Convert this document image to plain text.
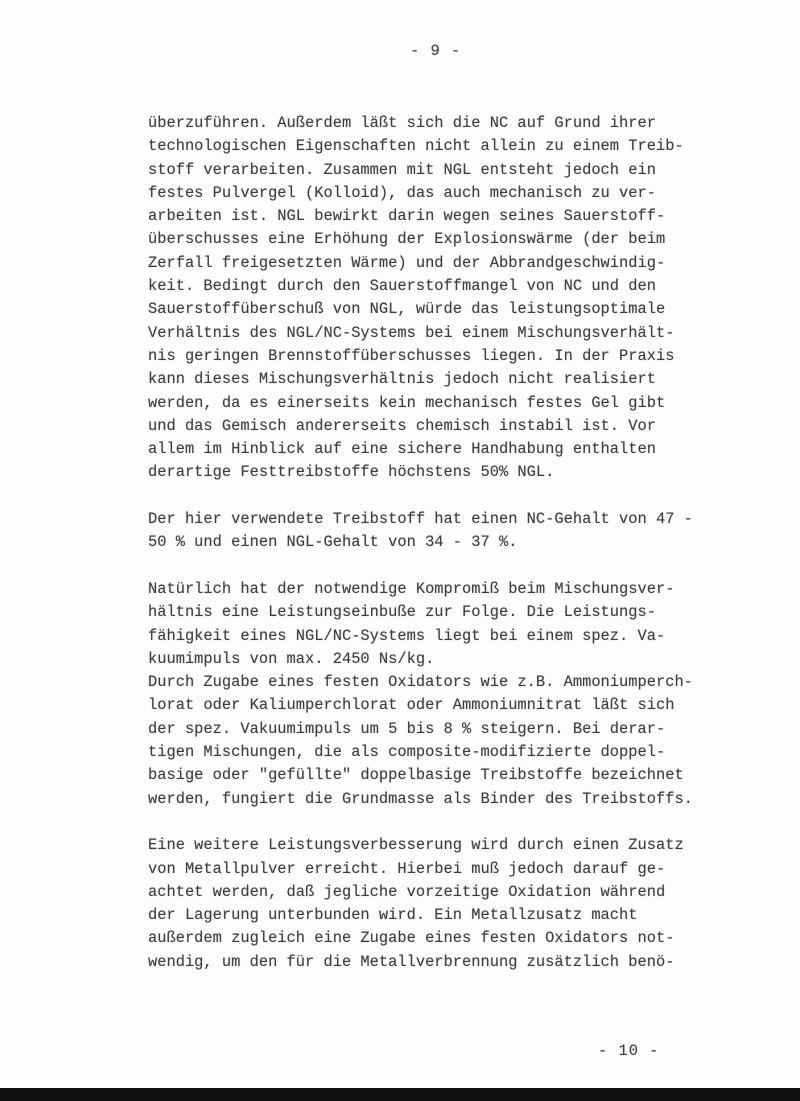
- 9 -
überzuführen. Außerdem läßt sich die NC auf Grund ihrer
technologischen Eigenschaften nicht allein zu einem Treib-
stoff verarbeiten. Zusammen mit NGL entsteht jedoch ein
festes Pulvergel (Kolloid), das auch mechanisch zu ver-
arbeiten ist. NGL bewirkt darin wegen seines Sauerstoff-
überschusses eine Erhöhung der Explosionswärme (der beim
Zerfall freigesetzten Wärme) und der Abbrandgeschwindig-
keit. Bedingt durch den Sauerstoffmangel von NC und den
Sauerstoffüberschuß von NGL, würde das leistungsoptimale
Verhältnis des NGL/NC-Systems bei einem Mischungsverhält-
nis geringen Brennstoffüberschusses liegen. In der Praxis
kann dieses Mischungsverhältnis jedoch nicht realisiert
werden, da es einerseits kein mechanisch festes Gel gibt
und das Gemisch andererseits chemisch instabil ist. Vor
allem im Hinblick auf eine sichere Handhabung enthalten
derartige Festtreibstoffe höchstens 50% NGL.
Der hier verwendete Treibstoff hat einen NC-Gehalt von 47 -
50 % und einen NGL-Gehalt von 34 - 37 %.
Natürlich hat der notwendige Kompromiß beim Mischungsver-
hältnis eine Leistungseinbuße zur Folge. Die Leistungs-
fähigkeit eines NGL/NC-Systems liegt bei einem spez. Va-
kuumimpuls von max. 2450 Ns/kg.
Durch Zugabe eines festen Oxidators wie z.B. Ammoniumperch-
lorat oder Kaliumperchlorat oder Ammoniumnitrat läßt sich
der spez. Vakuumimpuls um 5 bis 8 % steigern. Bei derar-
tigen Mischungen, die als composite-modifizierte doppel-
basige oder "gefüllte" doppelbasige Treibstoffe bezeichnet
werden, fungiert die Grundmasse als Binder des Treibstoffs.
Eine weitere Leistungsverbesserung wird durch einen Zusatz
von Metallpulver erreicht. Hierbei muß jedoch darauf ge-
achtet werden, daß jegliche vorzeitige Oxidation während
der Lagerung unterbunden wird. Ein Metallzusatz macht
außerdem zugleich eine Zugabe eines festen Oxidators not-
wendig, um den für die Metallverbrennung zusätzlich benö-
- 10 -
